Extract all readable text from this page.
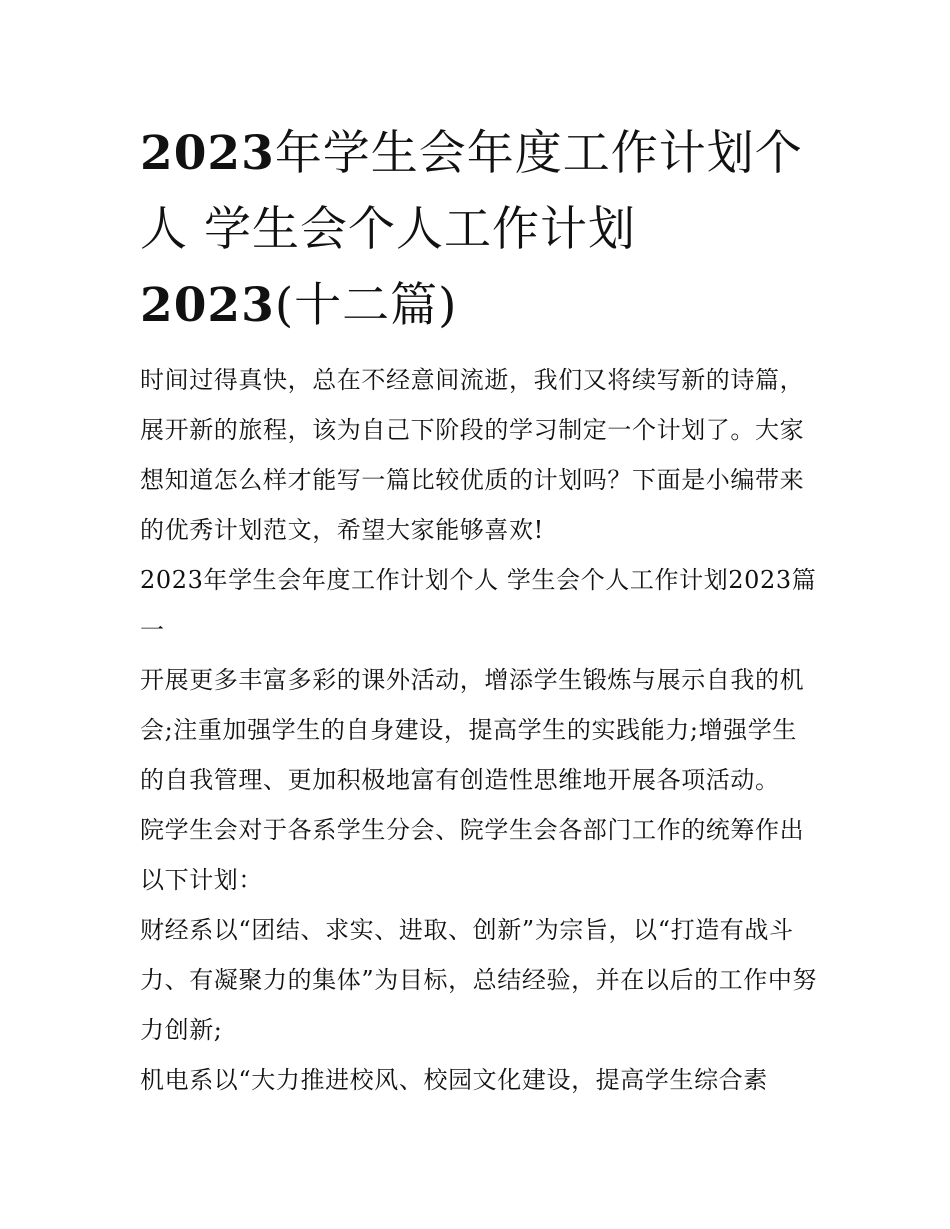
2023年学生会年度工作计划个人 学生会个人工作计划
2023(十二篇)

时间过得真快，总在不经意间流逝，我们又将续写新的诗篇，展开新的旅程，该为自己下阶段的学习制定一个计划了。大家想知道怎么样才能写一篇比较优质的计划吗？下面是小编带来的优秀计划范文，希望大家能够喜欢!

2023年学生会年度工作计划个人 学生会个人工作计划2023篇一

开展更多丰富多彩的课外活动，增添学生锻炼与展示自我的机会;注重加强学生的自身建设，提高学生的实践能力;增强学生的自我管理、更加积极地富有创造性思维地开展各项活动。

院学生会对于各系学生分会、院学生会各部门工作的统筹作出以下计划：

财经系以“团结、求实、进取、创新”为宗旨，以“打造有战斗力、有凝聚力的集体”为目标，总结经验，并在以后的工作中努力创新;

机电系以“大力推进校风、校园文化建设，提高学生综合素
